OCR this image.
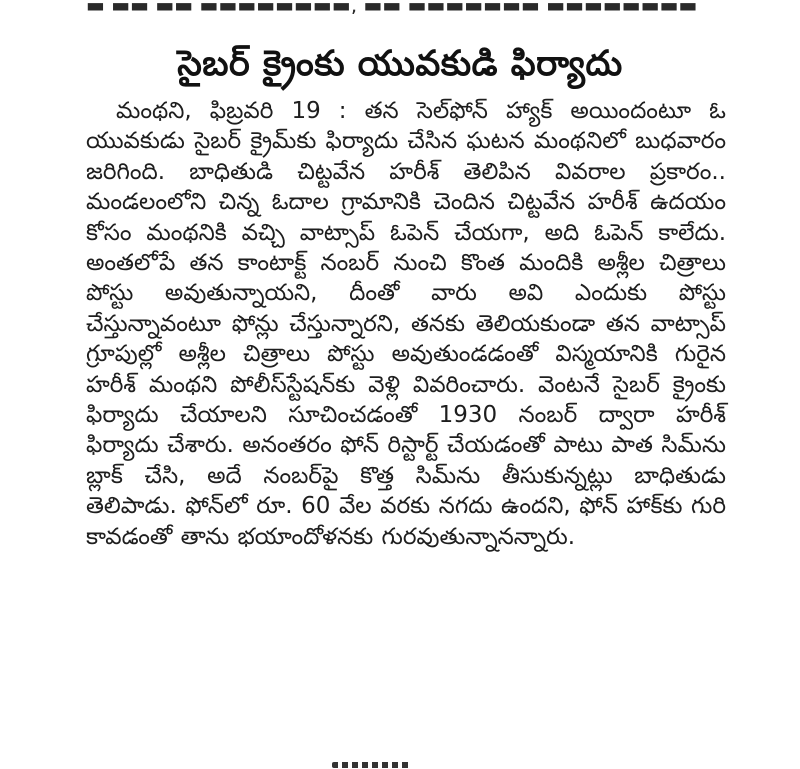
▬ ▬▬ ▬▬ ▬▬▬▬▬▬▬▬, ▬▬ ▬▬▬▬▬▬▬ ▬▬▬▬▬▬▬▬
సైబర్ క్రైంకు యువకుడి ఫిర్యాదు

మంథని, ఫిబ్రవరి 19 : తన సెల్‌ఫోన్ హ్యాక్ అయిందంటూ ఓ యువకుడు సైబర్ క్రైమ్‌కు ఫిర్యాదు చేసిన ఘటన మంథనిలో బుధవారం జరిగింది. బాధితుడి చిట్టవేన హరీశ్ తెలిపిన వివరాల ప్రకారం.. మండలంలోని చిన్న ఓదాల గ్రామానికి చెందిన చిట్టవేన హరీశ్ ఉదయం కోసం మంథనికి వచ్చి వాట్సాప్ ఓపెన్ చేయగా, అది ఓపెన్ కాలేదు. అంతలోపే తన కాంటాక్ట్ నంబర్ నుంచి కొంత మందికి అశ్లీల చిత్రాలు పోస్టు అవుతున్నాయని, దీంతో వారు అవి ఎందుకు పోస్టు చేస్తున్నావంటూ ఫోన్లు చేస్తున్నారని, తనకు తెలియకుండా తన వాట్సాప్ గ్రూపుల్లో అశ్లీల చిత్రాలు పోస్టు అవుతుండడంతో విస్మయానికి గురైన హరీశ్ మంథని పోలీస్‌స్టేషన్‌కు వెళ్లి వివరించారు. వెంటనే సైబర్ క్రైంకు ఫిర్యాదు చేయాలని సూచించడంతో 1930 నంబర్ ద్వారా హరీశ్ ఫిర్యాదు చేశారు. అనంతరం ఫోన్ రిస్టార్ట్ చేయడంతో పాటు పాత సిమ్‌ను బ్లాక్ చేసి, అదే నంబర్‌పై కొత్త సిమ్‌ను తీసుకున్నట్లు బాధితుడు తెలిపాడు. ఫోన్‌లో రూ. 60 వేల వరకు నగదు ఉందని, ఫోన్ హాక్‌కు గురి కావడంతో తాను భయాందోళనకు గురవుతున్నానన్నారు.
